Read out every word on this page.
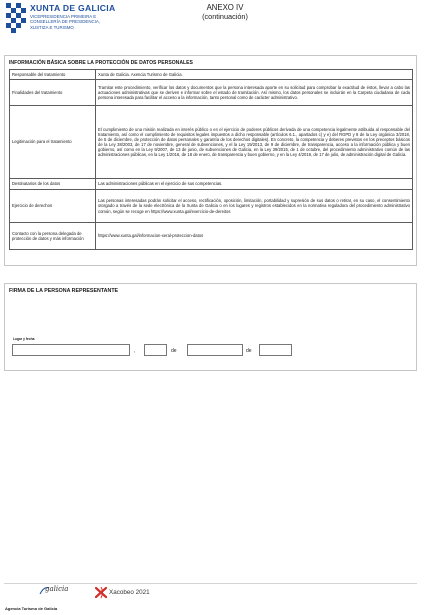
XUNTA DE GALICIA
VICEPRESIDENCIA PRIMEIRA E
CONSELLERÍA DE PRESIDENCIA,
XUSTIZA E TURISMO
ANEXO IV
(continuación)
INFORMACIÓN BÁSICA SOBRE LA PROTECCIÓN DE DATOS PERSONALES
Responsable del tratamiento	Xunta de Galicia. Axencia Turismo de Galicia.
Finalidades del tratamiento	Tramitar este procedimiento, verificar los datos y documentos que la persona interesada aporte en su solicitud para comprobar la exactitud de éstos, llevar a cabo las actuaciones administrativas que se deriven e informar sobre el estado de tramitación. Así mismo, los datos personales se incluirán en la Carpeta ciudadana de cada persona interesada para facilitar el acceso a la información, tanto personal como de carácter administrativo.
Legitimación para el tratamiento	El cumplimiento de una misión realizada en interés público o en el ejercicio de poderes públicos derivada de una competencia legalmente atribuida al responsable del tratamiento, así como el cumplimiento de requisitos legales impuestos a dicho responsable (artículos 6.1., apartados c) y e) del RGPD y 8 de la Ley orgánica 3/2018, de 5 de diciembre, de protección de datos personales y garantía de los derechos digitales). En concreto, la competencia y deberes previstos en los preceptos básicos de la Ley 38/2003, de 17 de noviembre, general de subvenciones, y el la Ley 19/2013, de 9 de diciembre, de transparencia, acceso a la información pública y buen gobierno, así como en la Ley 9/2007, de 13 de junio, de subvenciones de Galicia, en la Ley 39/2015, de 1 de octubre, del procedimiento administrativo común de las administraciones públicas, en la Ley 1/2016, de 18 de enero, de transparencia y buen gobierno, y en la Ley 4/2019, de 17 de julio, de administración digital de Galicia.
Destinatarios de los datos	Las administraciones públicas en el ejercicio de sus competencias.
Ejercicio de derechos	Las personas interesadas podrán solicitar el acceso, rectificación, oposición, limitación, portabilidad y supresión de sus datos o retirar, en su caso, el consentimiento otorgado a través de la sede electrónica de la Xunta de Galicia o en los lugares y registros establecidos en la normativa reguladora del procedimiento administrativo común, según se recoge en https://www.xunta.gal/exercicio-de-dereitos
Contacto con la persona delegada de protección de datos y más información	https://www.xunta.gal/informacion-xeral-proteccion-datos
FIRMA DE LA PERSONA REPRESENTANTE
Lugar y fecha
,	de	de
galicia	Xacobeo 2021
Agencia Turismo de Galicia
